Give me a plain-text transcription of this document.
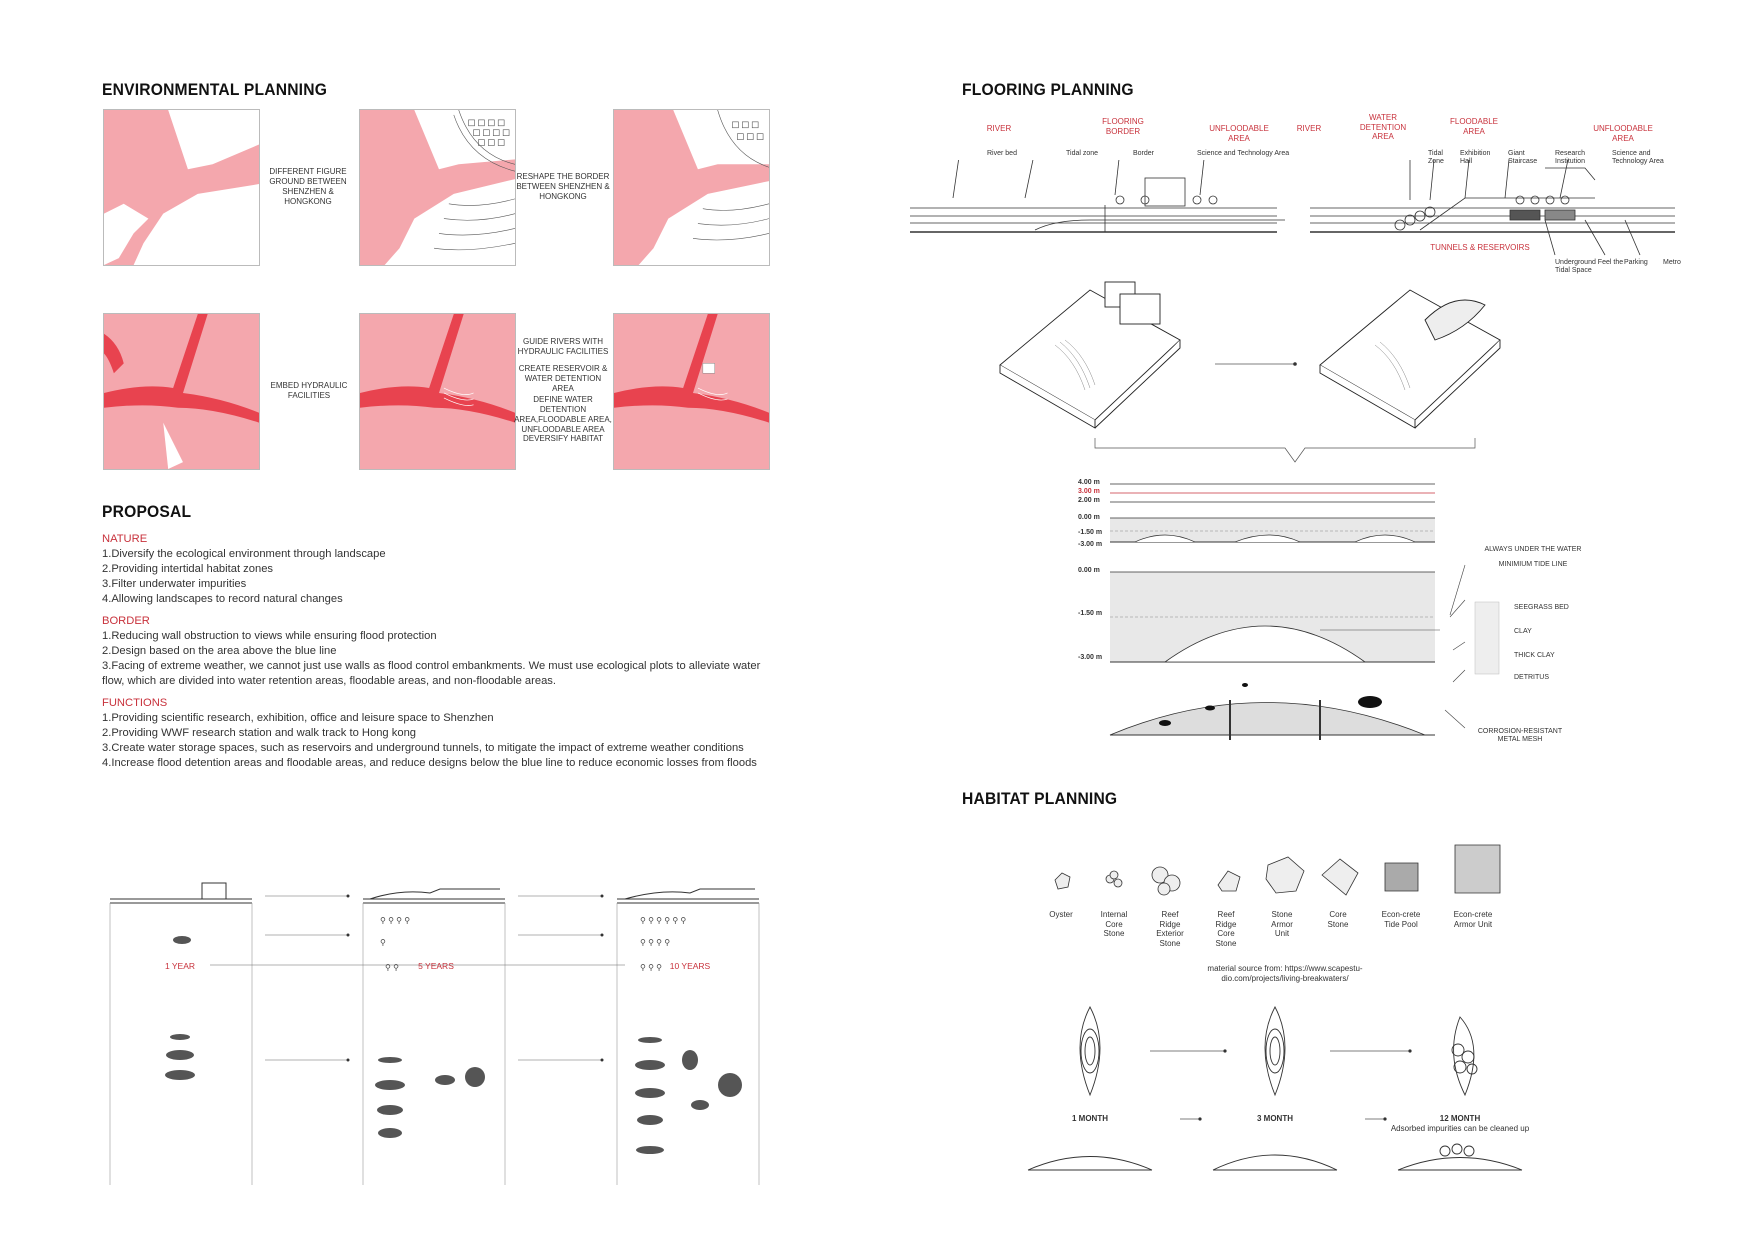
ENVIRONMENTAL PLANNING
DIFFERENT FIGURE GROUND BETWEEN SHENZHEN & HONGKONG
RESHAPE THE BORDER BETWEEN SHENZHEN & HONGKONG
EMBED HYDRAULIC FACILITIES
GUIDE RIVERS WITH HYDRAULIC FACILITIES
CREATE RESERVOIR & WATER DETENTION AREA
DEFINE WATER DETENTION AREA,FLOODABLE AREA, UNFLOODABLE AREA
DEVERSIFY HABITAT
PROPOSAL
NATURE
1.Diversify the ecological environment through landscape
2.Providing intertidal habitat zones
3.Filter underwater impurities
4.Allowing landscapes to record natural changes
BORDER
1.Reducing wall obstruction to views while ensuring flood protection
2.Design based on the area above the blue line
3.Facing of extreme weather, we cannot just use walls as flood control embankments. We must use ecological plots to alleviate water flow, which are divided into water retention areas, floodable areas, and non-floodable areas.
FUNCTIONS
1.Providing scientific research, exhibition, office and leisure space to Shenzhen
2.Providing WWF research station and walk track to Hong kong
3.Create water storage spaces, such as reservoirs and underground tunnels, to mitigate the impact of extreme weather conditions
4.Increase flood detention areas and floodable areas, and reduce designs below the blue line to reduce economic losses from floods
⚲ ⚲ ⚲ ⚲	⚲ ⚲ ⚲ ⚲ ⚲ ⚲
⚲	⚲ ⚲ ⚲ ⚲
⚲ ⚲	⚲ ⚲ ⚲
1 YEAR	5 YEARS	10 YEARS
FLOORING PLANNING
RIVER
FLOORING BORDER	UNFLOODABLE AREA
RIVER
WATER DETENTION AREA
FLOODABLE AREA	UNFLOODABLE AREA
River bed	Tidal zone	Border	Science and Technology Area	Tidal Zone
Exhibition Hall
Giant Staircase
Research Institution
Science and Technology Area
TUNNELS & RESERVOIRS
Underground Feel the Tidal Space
Parking Metro
4.00 m
3.00 m
2.00 m
0.00 m
-1.50 m
-3.00 m
0.00 m
-1.50 m
-3.00 m
ALWAYS UNDER THE WATER
MINIMIUM TIDE LINE
SEEGRASS BED
CLAY
THICK CLAY
DETRITUS
CORROSION-RESISTANT METAL MESH
HABITAT PLANNING
Oyster	Internal Core Stone
Reef Ridge Exterior Stone
Reef Ridge Core Stone
Stone Armor Unit
Core Stone
Econ-crete Tide Pool
Econ-crete Armor Unit
material source from: https://www.scapestu-dio.com/projects/living-breakwaters/
1 MONTH	3 MONTH	12 MONTH
Adsorbed impurities can be cleaned up
